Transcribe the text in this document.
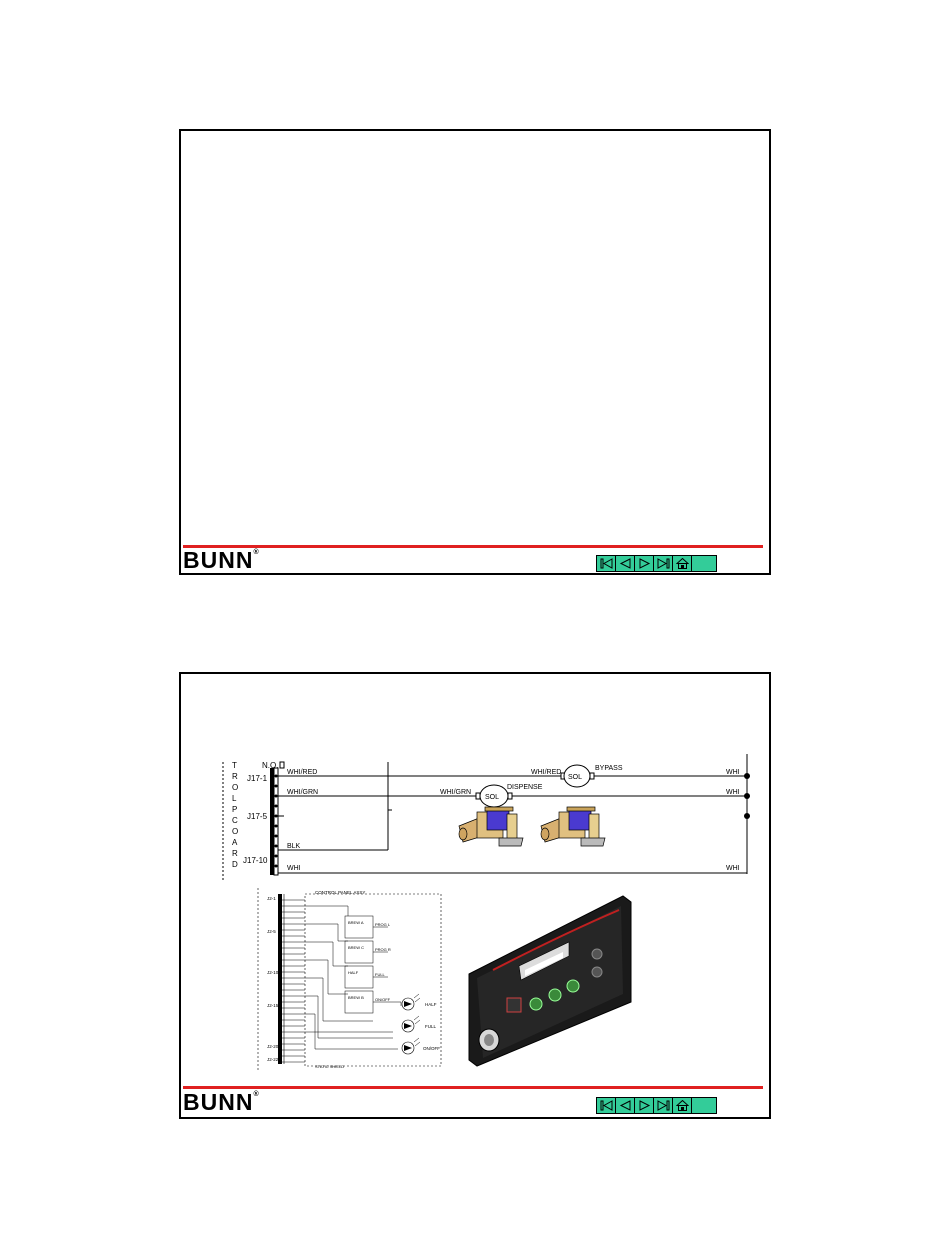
BUNN®
T
R
O
L
P
C
O
A
R
D
N.O.
J17-1
J17-5
J17-10
WHI/RED	WHI/RED
SOL
BYPASS
WHI
WHI/GRN	WHI/GRN
SOL
DISPENSE
WHI
BLK
WHI	WHI
CONTROL PANEL ASSY
J2-1
J2-5
J2-10
J2-15
J2-20
J2-22
BREW A	PROG L
BREW C	PROG R
HALF	FULL
BREW B	ON/OFF
HALF
FULL
ON/OFF
STATIC SHIELD
BUNN®
